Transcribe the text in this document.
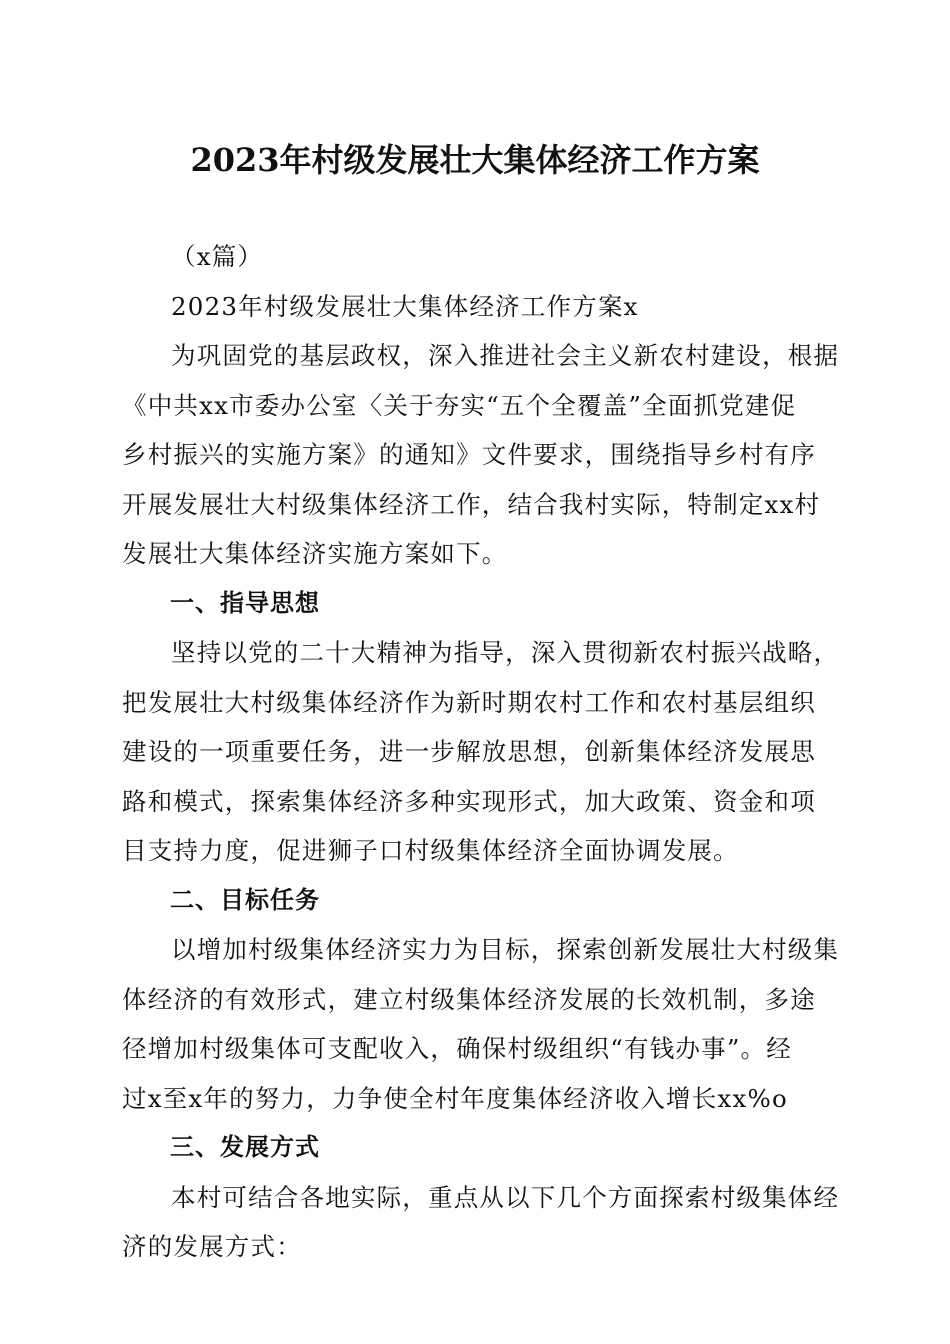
2023年村级发展壮大集体经济工作方案

（x篇）

2023年村级发展壮大集体经济工作方案x

为巩固党的基层政权，深入推进社会主义新农村建设，根据
《中共xx市委办公室〈关于夯实“五个全覆盖”全面抓党建促
乡村振兴的实施方案》的通知》文件要求，围绕指导乡村有序
开展发展壮大村级集体经济工作，结合我村实际，特制定xx村
发展壮大集体经济实施方案如下。

一、指导思想

坚持以党的二十大精神为指导，深入贯彻新农村振兴战略，
把发展壮大村级集体经济作为新时期农村工作和农村基层组织
建设的一项重要任务，进一步解放思想，创新集体经济发展思
路和模式，探索集体经济多种实现形式，加大政策、资金和项
目支持力度，促进狮子口村级集体经济全面协调发展。

二、目标任务

以增加村级集体经济实力为目标，探索创新发展壮大村级集
体经济的有效形式，建立村级集体经济发展的长效机制，多途
径增加村级集体可支配收入，确保村级组织“有钱办事”。经
过x至x年的努力，力争使全村年度集体经济收入增长xx%o

三、发展方式

本村可结合各地实际，重点从以下几个方面探索村级集体经
济的发展方式：
